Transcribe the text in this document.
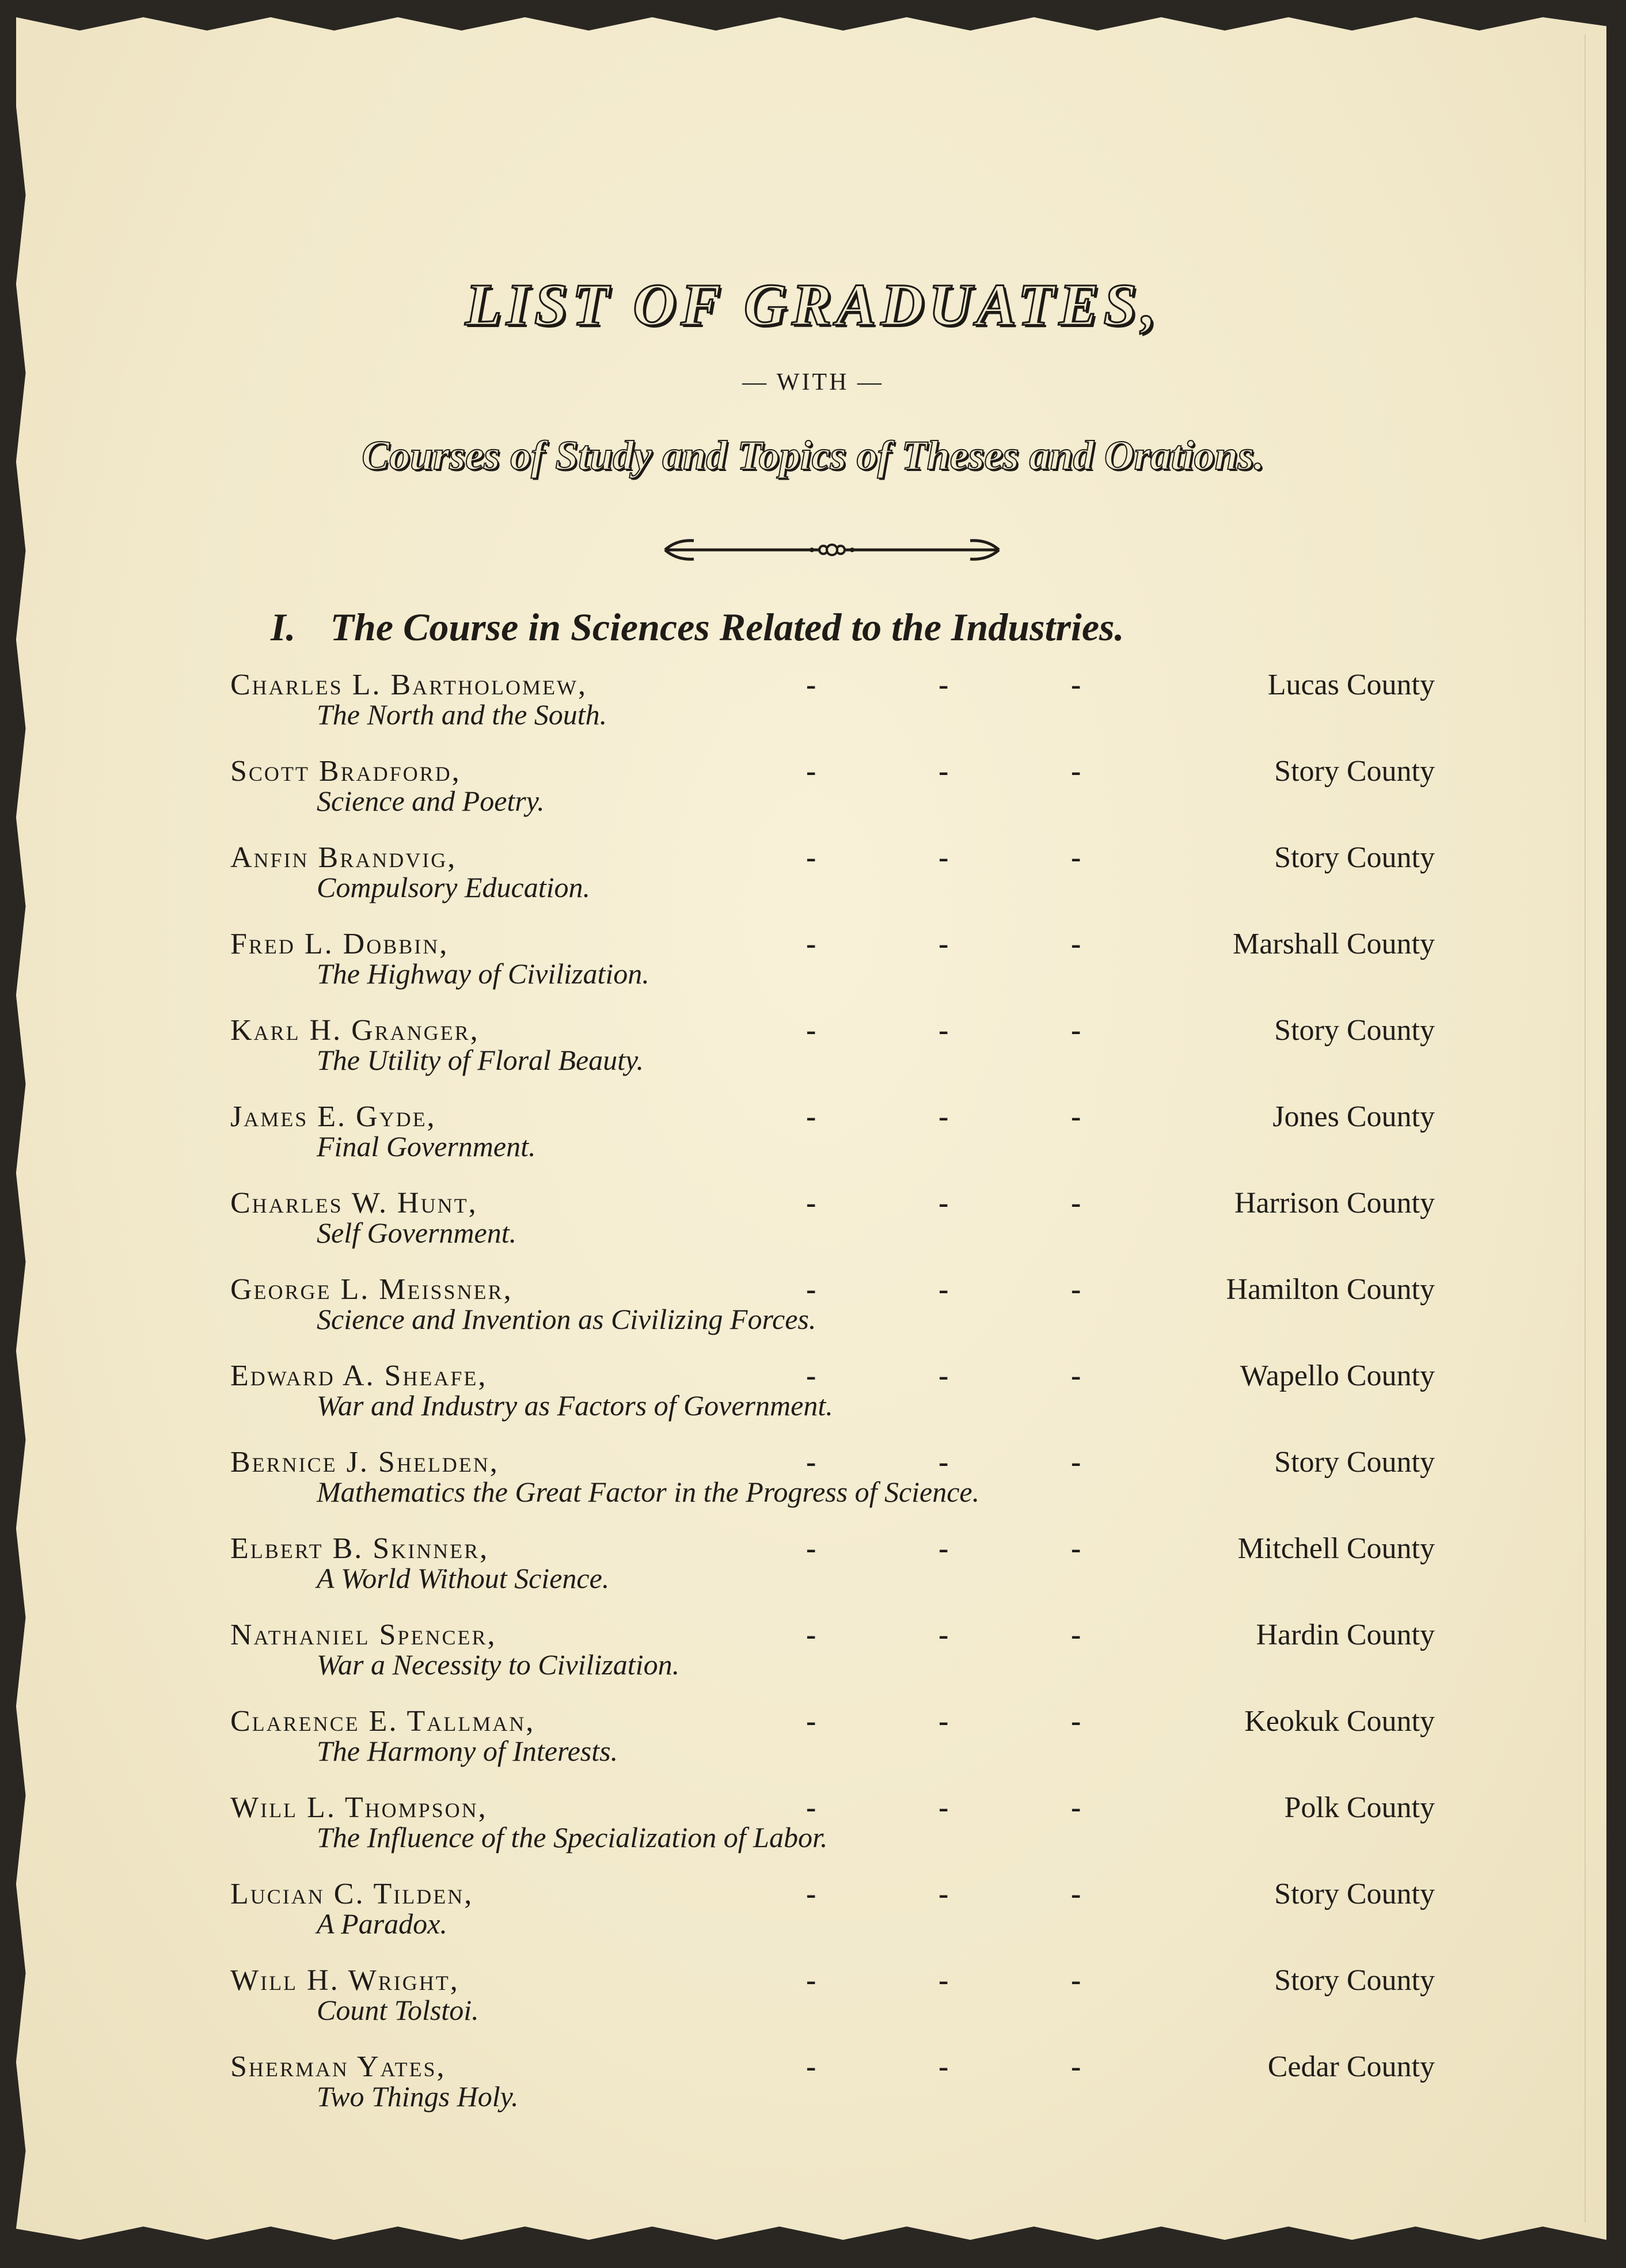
LIST OF GRADUATES,
— WITH —
Courses of Study and Topics of Theses and Orations.
I. The Course in Sciences Related to the Industries.
Charles L. Bartholomew,	-	-	-	Lucas County
The North and the South.
Scott Bradford,	-	-	-	Story County
Science and Poetry.
Anfin Brandvig,	-	-	-	Story County
Compulsory Education.
Fred L. Dobbin,	-	-	-	Marshall County
The Highway of Civilization.
Karl H. Granger,	-	-	-	Story County
The Utility of Floral Beauty.
James E. Gyde,	-	-	-	Jones County
Final Government.
Charles W. Hunt,	-	-	-	Harrison County
Self Government.
George L. Meissner,	-	-	-	Hamilton County
Science and Invention as Civilizing Forces.
Edward A. Sheafe,	-	-	-	Wapello County
War and Industry as Factors of Government.
Bernice J. Shelden,	-	-	-	Story County
Mathematics the Great Factor in the Progress of Science.
Elbert B. Skinner,	-	-	-	Mitchell County
A World Without Science.
Nathaniel Spencer,	-	-	-	Hardin County
War a Necessity to Civilization.
Clarence E. Tallman,	-	-	-	Keokuk County
The Harmony of Interests.
Will L. Thompson,	-	-	-	Polk County
The Influence of the Specialization of Labor.
Lucian C. Tilden,	-	-	-	Story County
A Paradox.
Will H. Wright,	-	-	-	Story County
Count Tolstoi.
Sherman Yates,	-	-	-	Cedar County
Two Things Holy.
